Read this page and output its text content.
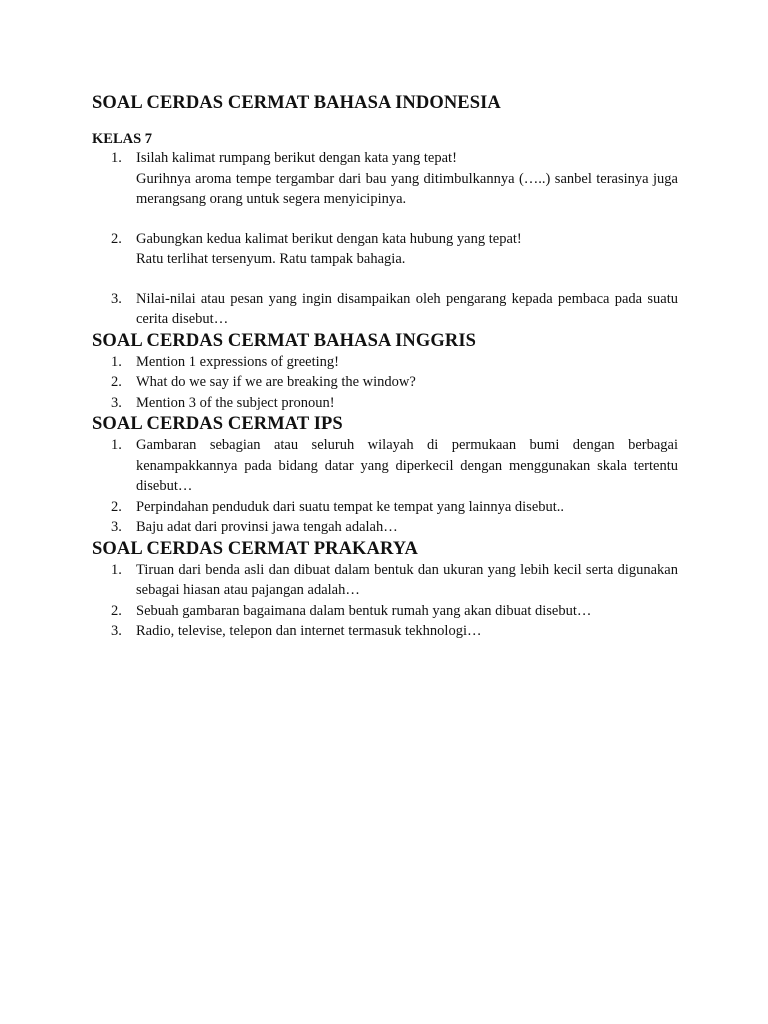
SOAL CERDAS CERMAT BAHASA INDONESIA
KELAS 7
1. Isilah kalimat rumpang berikut dengan kata yang tepat!
Gurihnya aroma tempe tergambar dari bau yang ditimbulkannya (…..) sanbel terasinya juga merangsang orang untuk segera menyicipinya.
2. Gabungkan kedua kalimat berikut dengan kata hubung yang tepat!
Ratu terlihat tersenyum. Ratu tampak bahagia.
3. Nilai-nilai atau pesan yang ingin disampaikan oleh pengarang kepada pembaca pada suatu cerita disebut…
SOAL CERDAS CERMAT BAHASA INGGRIS
1. Mention 1 expressions of greeting!
2. What do we say if we are breaking the window?
3. Mention 3 of the subject pronoun!
SOAL CERDAS CERMAT IPS
1. Gambaran sebagian atau seluruh wilayah di permukaan bumi dengan berbagai kenampakkannya pada bidang datar yang diperkecil dengan menggunakan skala tertentu disebut…
2. Perpindahan penduduk dari suatu tempat ke tempat yang lainnya disebut..
3. Baju adat dari provinsi jawa tengah adalah…
SOAL CERDAS CERMAT PRAKARYA
1. Tiruan dari benda asli dan dibuat dalam bentuk dan ukuran yang lebih kecil serta digunakan sebagai hiasan atau pajangan adalah…
2. Sebuah gambaran bagaimana dalam bentuk rumah yang akan dibuat disebut…
3. Radio, televise, telepon dan internet termasuk tekhnologi…
